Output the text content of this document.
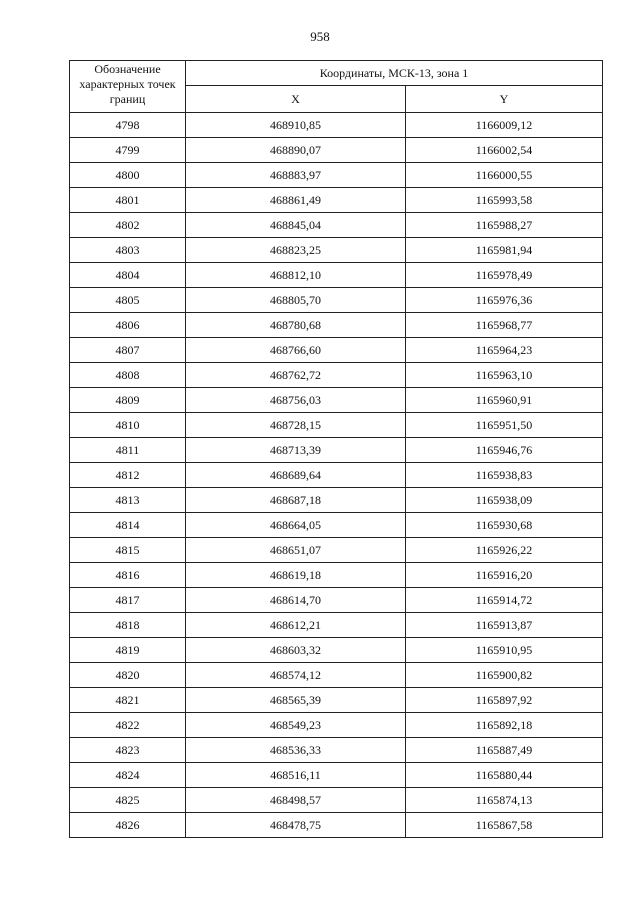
958
Обозначение характерных точек границ	Координаты, МСК-13, зона 1	
	X	Y
4798	468910,85	1166009,12
4799	468890,07	1166002,54
4800	468883,97	1166000,55
4801	468861,49	1165993,58
4802	468845,04	1165988,27
4803	468823,25	1165981,94
4804	468812,10	1165978,49
4805	468805,70	1165976,36
4806	468780,68	1165968,77
4807	468766,60	1165964,23
4808	468762,72	1165963,10
4809	468756,03	1165960,91
4810	468728,15	1165951,50
4811	468713,39	1165946,76
4812	468689,64	1165938,83
4813	468687,18	1165938,09
4814	468664,05	1165930,68
4815	468651,07	1165926,22
4816	468619,18	1165916,20
4817	468614,70	1165914,72
4818	468612,21	1165913,87
4819	468603,32	1165910,95
4820	468574,12	1165900,82
4821	468565,39	1165897,92
4822	468549,23	1165892,18
4823	468536,33	1165887,49
4824	468516,11	1165880,44
4825	468498,57	1165874,13
4826	468478,75	1165867,58
